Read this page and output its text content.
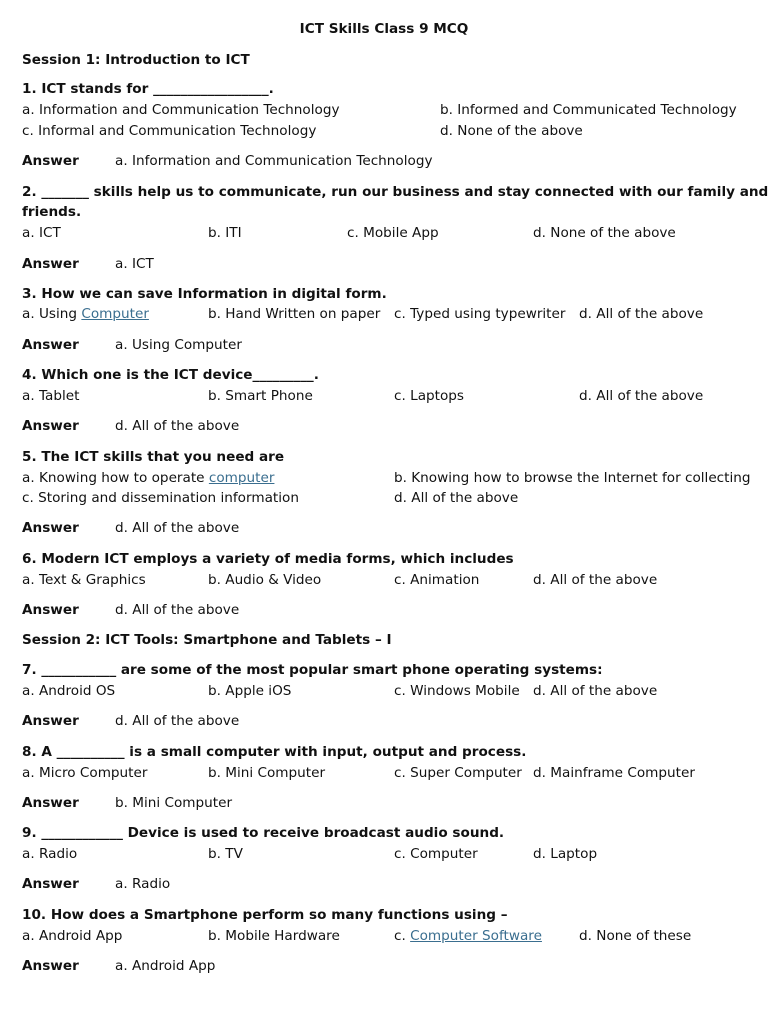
ICT Skills Class 9 MCQ
Session 1: Introduction to ICT
1. ICT stands for _________________.
a. Information and Communication Technology	b. Informed and Communicated Technology
c. Informal and Communication Technology	d. None of the above
Answer	a. Information and Communication Technology
2. _______ skills help us to communicate, run our business and stay connected with our family and
friends.
a. ICT	b. ITI	c. Mobile App	d. None of the above
Answer	a. ICT
3. How we can save Information in digital form.
a. Using Computer	b. Hand Written on paper c. Typed using typewriter d. All of the above
Answer	a. Using Computer
4. Which one is the ICT device_________.
a. Tablet	b. Smart Phone	c. Laptops	d. All of the above
Answer	d. All of the above
5. The ICT skills that you need are
a. Knowing how to operate computer	b. Knowing how to browse the Internet for collecting
c. Storing and dissemination information	d. All of the above
Answer	d. All of the above
6. Modern ICT employs a variety of media forms, which includes
a. Text & Graphics	b. Audio & Video	c. Animation	d. All of the above
Answer	d. All of the above
Session 2: ICT Tools: Smartphone and Tablets – I
7. ___________ are some of the most popular smart phone operating systems:
a. Android OS	b. Apple iOS	c. Windows Mobile d. All of the above
Answer	d. All of the above
8. A __________ is a small computer with input, output and process.
a. Micro Computer	b. Mini Computer	c. Super Computer d. Mainframe Computer
Answer	b. Mini Computer
9. ____________ Device is used to receive broadcast audio sound.
a. Radio	b. TV	c. Computer	d. Laptop
Answer	a. Radio
10. How does a Smartphone perform so many functions using –
a. Android App	b. Mobile Hardware	c. Computer Software	d. None of these
Answer	a. Android App
